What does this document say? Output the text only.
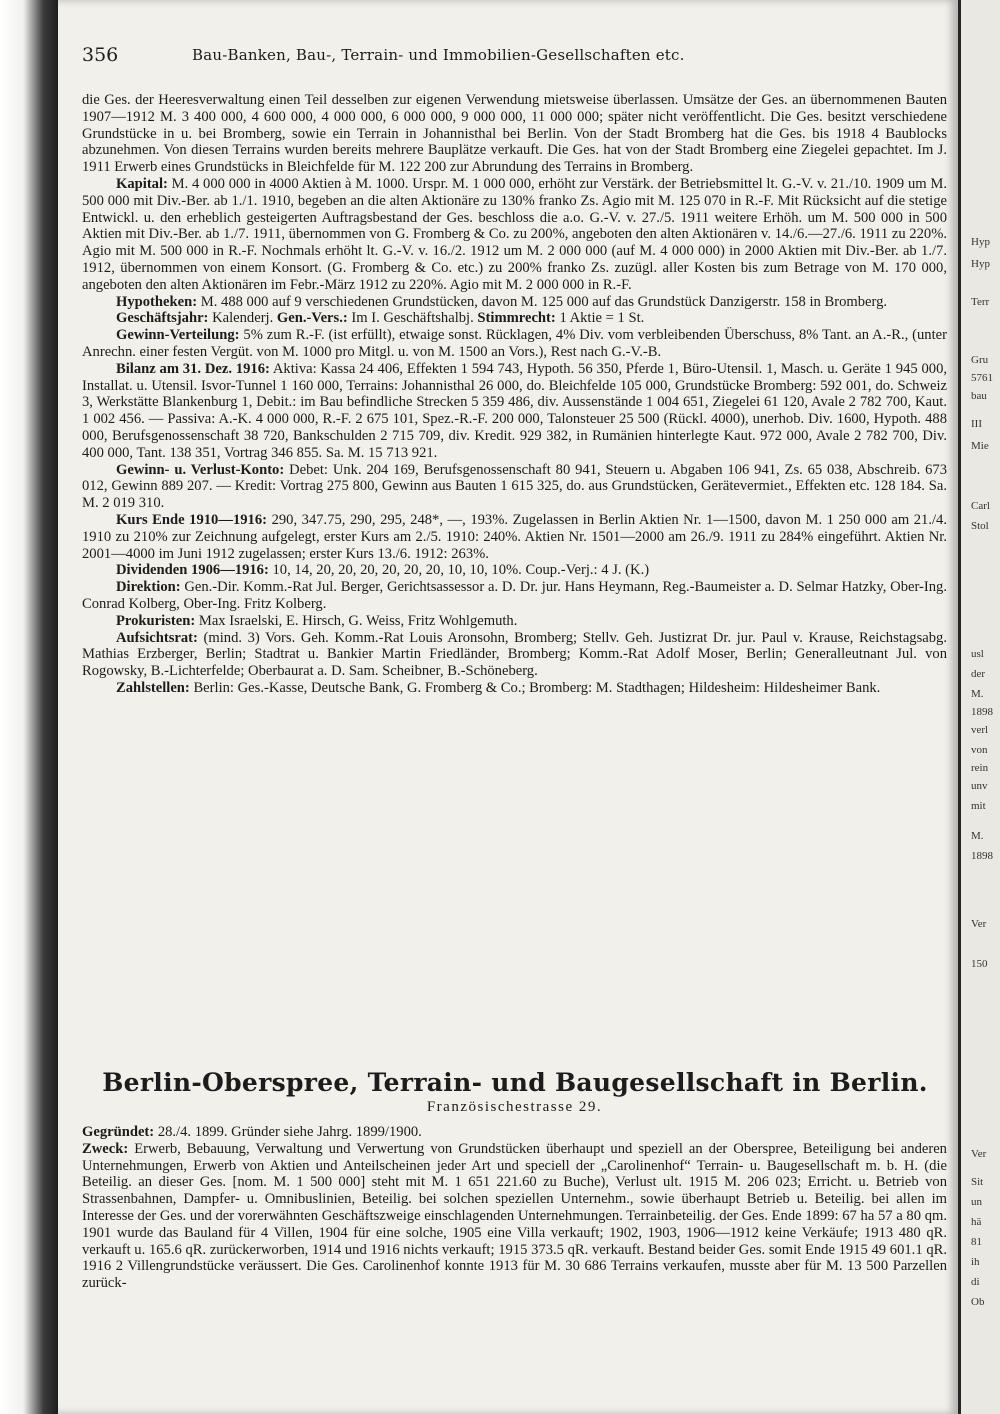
Hyp
Hyp
Terr
Gru
5761
bau
III
Mie
Carl
Stol
usl
der
M.
1898
verl
von
rein
unv
mit
M.
1898
Ver
150
Ver
Sit
un
hä
81
ih
di
Ob
356	Bau-Banken, Bau-, Terrain- und Immobilien-Gesellschaften etc.

die Ges. der Heeresverwaltung einen Teil desselben zur eigenen Verwendung mietsweise überlassen. Umsätze der Ges. an übernommenen Bauten 1907—1912 M. 3 400 000, 4 600 000, 4 000 000, 6 000 000, 9 000 000, 11 000 000; später nicht veröffentlicht. Die Ges. besitzt verschiedene Grundstücke in u. bei Bromberg, sowie ein Terrain in Johannisthal bei Berlin. Von der Stadt Bromberg hat die Ges. bis 1918 4 Baublocks abzunehmen. Von diesen Terrains wurden bereits mehrere Bauplätze verkauft. Die Ges. hat von der Stadt Bromberg eine Ziegelei gepachtet. Im J. 1911 Erwerb eines Grundstücks in Bleichfelde für M. 122 200 zur Abrundung des Terrains in Bromberg.

Kapital: M. 4 000 000 in 4000 Aktien à M. 1000. Urspr. M. 1 000 000, erhöht zur Verstärk. der Betriebsmittel lt. G.-V. v. 21./10. 1909 um M. 500 000 mit Div.-Ber. ab 1./1. 1910, begeben an die alten Aktionäre zu 130% franko Zs. Agio mit M. 125 070 in R.-F. Mit Rücksicht auf die stetige Entwickl. u. den erheblich gesteigerten Auftragsbestand der Ges. beschloss die a.o. G.-V. v. 27./5. 1911 weitere Erhöh. um M. 500 000 in 500 Aktien mit Div.-Ber. ab 1./7. 1911, übernommen von G. Fromberg & Co. zu 200%, angeboten den alten Aktionären v. 14./6.—27./6. 1911 zu 220%. Agio mit M. 500 000 in R.-F. Nochmals erhöht lt. G.-V. v. 16./2. 1912 um M. 2 000 000 (auf M. 4 000 000) in 2000 Aktien mit Div.-Ber. ab 1./7. 1912, übernommen von einem Konsort. (G. Fromberg & Co. etc.) zu 200% franko Zs. zuzügl. aller Kosten bis zum Betrage von M. 170 000, angeboten den alten Aktionären im Febr.-März 1912 zu 220%. Agio mit M. 2 000 000 in R.-F.

Hypotheken: M. 488 000 auf 9 verschiedenen Grundstücken, davon M. 125 000 auf das Grundstück Danzigerstr. 158 in Bromberg.

Geschäftsjahr: Kalenderj. Gen.-Vers.: Im I. Geschäftshalbj. Stimmrecht: 1 Aktie = 1 St.

Gewinn-Verteilung: 5% zum R.-F. (ist erfüllt), etwaige sonst. Rücklagen, 4% Div. vom verbleibenden Überschuss, 8% Tant. an A.-R., (unter Anrechn. einer festen Vergüt. von M. 1000 pro Mitgl. u. von M. 1500 an Vors.), Rest nach G.-V.-B.

Bilanz am 31. Dez. 1916: Aktiva: Kassa 24 406, Effekten 1 594 743, Hypoth. 56 350, Pferde 1, Büro-Utensil. 1, Masch. u. Geräte 1 945 000, Installat. u. Utensil. Isvor-Tunnel 1 160 000, Terrains: Johannisthal 26 000, do. Bleichfelde 105 000, Grundstücke Bromberg: 592 001, do. Schweiz 3, Werkstätte Blankenburg 1, Debit.: im Bau befindliche Strecken 5 359 486, div. Aussenstände 1 004 651, Ziegelei 61 120, Avale 2 782 700, Kaut. 1 002 456. — Passiva: A.-K. 4 000 000, R.-F. 2 675 101, Spez.-R.-F. 200 000, Talonsteuer 25 500 (Rückl. 4000), unerhob. Div. 1600, Hypoth. 488 000, Berufsgenossenschaft 38 720, Bankschulden 2 715 709, div. Kredit. 929 382, in Rumänien hinterlegte Kaut. 972 000, Avale 2 782 700, Div. 400 000, Tant. 138 351, Vortrag 346 855. Sa. M. 15 713 921.

Gewinn- u. Verlust-Konto: Debet: Unk. 204 169, Berufsgenossenschaft 80 941, Steuern u. Abgaben 106 941, Zs. 65 038, Abschreib. 673 012, Gewinn 889 207. — Kredit: Vortrag 275 800, Gewinn aus Bauten 1 615 325, do. aus Grundstücken, Gerätevermiet., Effekten etc. 128 184. Sa. M. 2 019 310.

Kurs Ende 1910—1916: 290, 347.75, 290, 295, 248*, —, 193%. Zugelassen in Berlin Aktien Nr. 1—1500, davon M. 1 250 000 am 21./4. 1910 zu 210% zur Zeichnung aufgelegt, erster Kurs am 2./5. 1910: 240%. Aktien Nr. 1501—2000 am 26./9. 1911 zu 284% eingeführt. Aktien Nr. 2001—4000 im Juni 1912 zugelassen; erster Kurs 13./6. 1912: 263%.

Dividenden 1906—1916: 10, 14, 20, 20, 20, 20, 20, 20, 10, 10, 10%. Coup.-Verj.: 4 J. (K.)

Direktion: Gen.-Dir. Komm.-Rat Jul. Berger, Gerichtsassessor a. D. Dr. jur. Hans Heymann, Reg.-Baumeister a. D. Selmar Hatzky, Ober-Ing. Conrad Kolberg, Ober-Ing. Fritz Kolberg.

Prokuristen: Max Israelski, E. Hirsch, G. Weiss, Fritz Wohlgemuth.

Aufsichtsrat: (mind. 3) Vors. Geh. Komm.-Rat Louis Aronsohn, Bromberg; Stellv. Geh. Justizrat Dr. jur. Paul v. Krause, Reichstagsabg. Mathias Erzberger, Berlin; Stadtrat u. Bankier Martin Friedländer, Bromberg; Komm.-Rat Adolf Moser, Berlin; Generalleutnant Jul. von Rogowsky, B.-Lichterfelde; Oberbaurat a. D. Sam. Scheibner, B.-Schöneberg.

Zahlstellen: Berlin: Ges.-Kasse, Deutsche Bank, G. Fromberg & Co.; Bromberg: M. Stadthagen; Hildesheim: Hildesheimer Bank.

Berlin-Oberspree, Terrain- und Baugesellschaft in Berlin.
Französischestrasse 29.

Gegründet: 28./4. 1899. Gründer siehe Jahrg. 1899/1900.

Zweck: Erwerb, Bebauung, Verwaltung und Verwertung von Grundstücken überhaupt und speziell an der Oberspree, Beteiligung bei anderen Unternehmungen, Erwerb von Aktien und Anteilscheinen jeder Art und speciell der „Carolinenhof“ Terrain- u. Baugesellschaft m. b. H. (die Beteilig. an dieser Ges. [nom. M. 1 500 000] steht mit M. 1 651 221.60 zu Buche), Verlust ult. 1915 M. 206 023; Erricht. u. Betrieb von Strassenbahnen, Dampfer- u. Omnibuslinien, Beteilig. bei solchen speziellen Unternehm., sowie überhaupt Betrieb u. Beteilig. bei allen im Interesse der Ges. und der vorerwähnten Geschäftszweige einschlagenden Unternehmungen. Terrainbeteilig. der Ges. Ende 1899: 67 ha 57 a 80 qm. 1901 wurde das Bauland für 4 Villen, 1904 für eine solche, 1905 eine Villa verkauft; 1902, 1903, 1906—1912 keine Verkäufe; 1913 480 qR. verkauft u. 165.6 qR. zurückerworben, 1914 und 1916 nichts verkauft; 1915 373.5 qR. verkauft. Bestand beider Ges. somit Ende 1915 49 601.1 qR. 1916 2 Villengrundstücke veräussert. Die Ges. Carolinenhof konnte 1913 für M. 30 686 Terrains verkaufen, musste aber für M. 13 500 Parzellen zurück-
